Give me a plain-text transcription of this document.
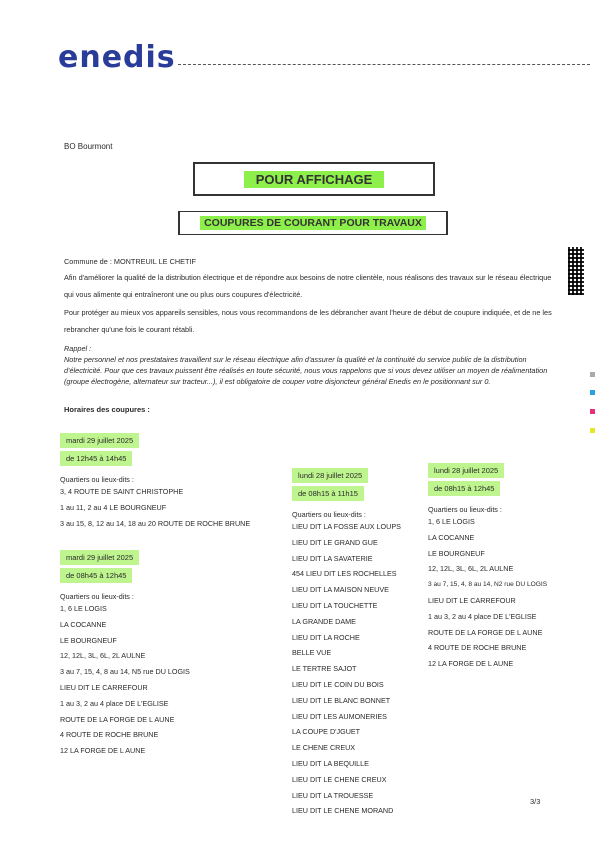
enedis
BO Bourmont
POUR AFFICHAGE
COUPURES DE COURANT POUR TRAVAUX
Commune de : MONTREUIL LE CHETIF
Afin d'améliorer la qualité de la distribution électrique et de répondre aux besoins de notre clientèle, nous réalisons des travaux sur le réseau électrique qui vous alimente qui entraîneront une ou plus ours coupures d'électricité.
Pour protéger au mieux vos appareils sensibles, nous vous recommandons de les débrancher avant l'heure de début de coupure indiquée, et de ne les rebrancher qu'une fois le courant rétabli.
Rappel :
Notre personnel et nos prestataires travaillent sur le réseau électrique afin d'assurer la qualité et la continuité du service public de la distribution d'électricité. Pour que ces travaux puissent être réalisés en toute sécurité, nous vous rappelons que si vous devez utiliser un moyen de réalimentation (groupe électrogène, alternateur sur tracteur...), il est obligatoire de couper votre disjoncteur général Enedis en le positionnant sur 0.
Horaires des coupures :
mardi 29 juillet 2025
de 12h45 à 14h45
Quartiers ou lieux-dits :
3, 4 ROUTE DE SAINT CHRISTOPHE
1 au 11, 2 au 4 LE BOURGNEUF
3 au 15, 8, 12 au 14, 18 au 20 ROUTE DE ROCHE BRUNE
mardi 29 juillet 2025
de 08h45 à 12h45
Quartiers ou lieux-dits :
1, 6 LE LOGIS
LA COCANNE
LE BOURGNEUF
12, 12L, 3L, 6L, 2L AULNE
3 au 7, 15, 4, 8 au 14, N5 rue DU LOGIS
LIEU DIT LE CARREFOUR
1 au 3, 2 au 4 place DE L'EGLISE
ROUTE DE LA FORGE DE L AUNE
4 ROUTE DE ROCHE BRUNE
12 LA FORGE DE L AUNE
lundi 28 juillet 2025
de 08h15 à 11h15
Quartiers ou lieux-dits :
LIEU DIT LA FOSSE AUX LOUPS
LIEU DIT LE GRAND GUE
LIEU DIT LA SAVATERIE
454 LIEU DIT LES ROCHELLES
LIEU DIT LA MAISON NEUVE
LIEU DIT LA TOUCHETTE
LA GRANDE DAME
LIEU DIT LA ROCHE
BELLE VUE
LE TERTRE SAJOT
LIEU DIT LE COIN DU BOIS
LIEU DIT LE BLANC BONNET
LIEU DIT LES AUMONERIES
LA COUPE D'JGUET
LE CHENE CREUX
LIEU DIT LA BEQUILLE
LIEU DIT LE CHENE CREUX
LIEU DIT LA TROUESSE
LIEU DIT LE CHENE MORAND
lundi 28 juillet 2025
de 08h15 à 12h45
Quartiers ou lieux-dits :
1, 6 LE LOGIS
LA COCANNE
LE BOURGNEUF
12, 12L, 3L, 6L, 2L AULNE
3 au 7, 15, 4, 8 au 14, N2 rue DU LOGIS
LIEU DIT LE CARREFOUR
1 au 3, 2 au 4 place DE L'EGLISE
ROUTE DE LA FORGE DE L AUNE
4 ROUTE DE ROCHE BRUNE
12 LA FORGE DE L AUNE
3/3
